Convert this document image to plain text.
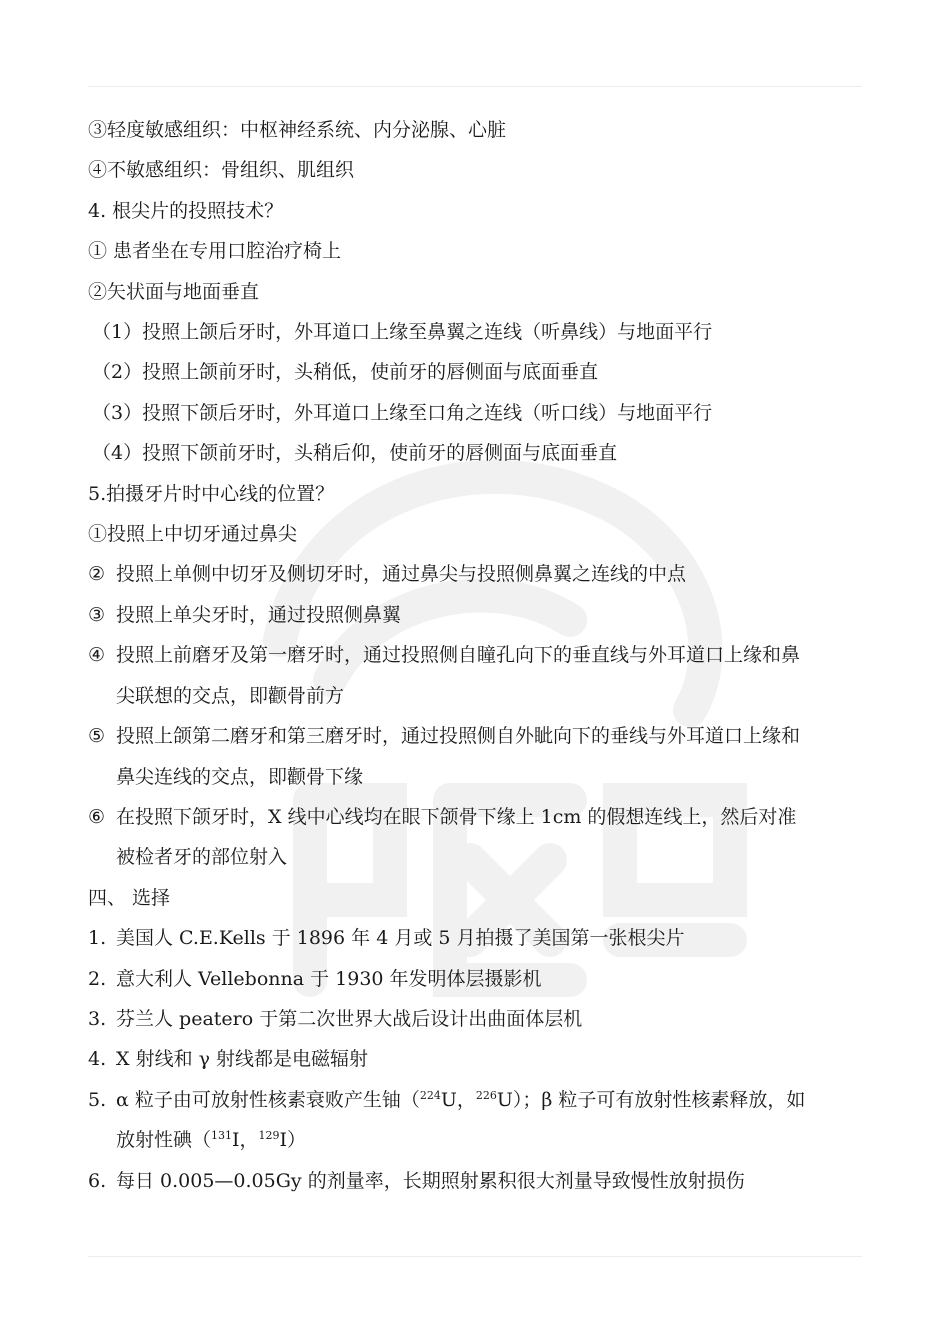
③轻度敏感组织：中枢神经系统、内分泌腺、心脏
④不敏感组织：骨组织、肌组织
4. 根尖片的投照技术？
① 患者坐在专用口腔治疗椅上
②矢状面与地面垂直
（1）投照上颌后牙时，外耳道口上缘至鼻翼之连线（听鼻线）与地面平行
（2）投照上颌前牙时，头稍低，使前牙的唇侧面与底面垂直
（3）投照下颌后牙时，外耳道口上缘至口角之连线（听口线）与地面平行
（4）投照下颌前牙时，头稍后仰，使前牙的唇侧面与底面垂直
5.拍摄牙片时中心线的位置？
①投照上中切牙通过鼻尖
② 投照上单侧中切牙及侧切牙时，通过鼻尖与投照侧鼻翼之连线的中点
③ 投照上单尖牙时，通过投照侧鼻翼
④ 投照上前磨牙及第一磨牙时，通过投照侧自瞳孔向下的垂直线与外耳道口上缘和鼻
尖联想的交点，即颧骨前方
⑤ 投照上颌第二磨牙和第三磨牙时，通过投照侧自外眦向下的垂线与外耳道口上缘和
鼻尖连线的交点，即颧骨下缘
⑥ 在投照下颌牙时，X 线中心线均在眼下颌骨下缘上 1cm 的假想连线上，然后对准
被检者牙的部位射入
四、 选择
1. 美国人 C.E.Kells 于 1896 年 4 月或 5 月拍摄了美国第一张根尖片
2. 意大利人 Vellebonna 于 1930 年发明体层摄影机
3. 芬兰人 peatero 于第二次世界大战后设计出曲面体层机
4. X 射线和 γ 射线都是电磁辐射
5. α 粒子由可放射性核素衰败产生铀（$^{224}$U，$^{226}$U）；β 粒子可有放射性核素释放，如
放射性碘（$^{131}$I，$^{129}$I）
6. 每日 0.005—0.05Gy 的剂量率，长期照射累积很大剂量导致慢性放射损伤
